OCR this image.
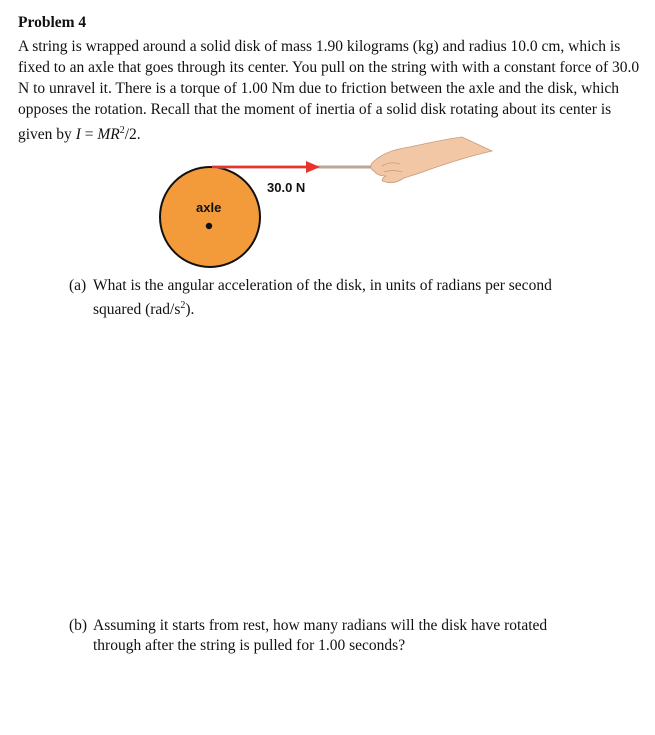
Problem 4
A string is wrapped around a solid disk of mass 1.90 kilograms (kg) and radius 10.0 cm, which is fixed to an axle that goes through its center. You pull on the string with with a constant force of 30.0 N to unravel it. There is a torque of 1.00 Nm due to friction between the axle and the disk, which opposes the rotation. Recall that the moment of inertia of a solid disk rotating about its center is given by $I = MR^2/2$.
30.0 N
axle
(a) What is the angular acceleration of the disk, in units of radians per second
squared $(rad/s^2)$.
(b) Assuming it starts from rest, how many radians will the disk have rotated
through after the string is pulled for 1.00 seconds?
